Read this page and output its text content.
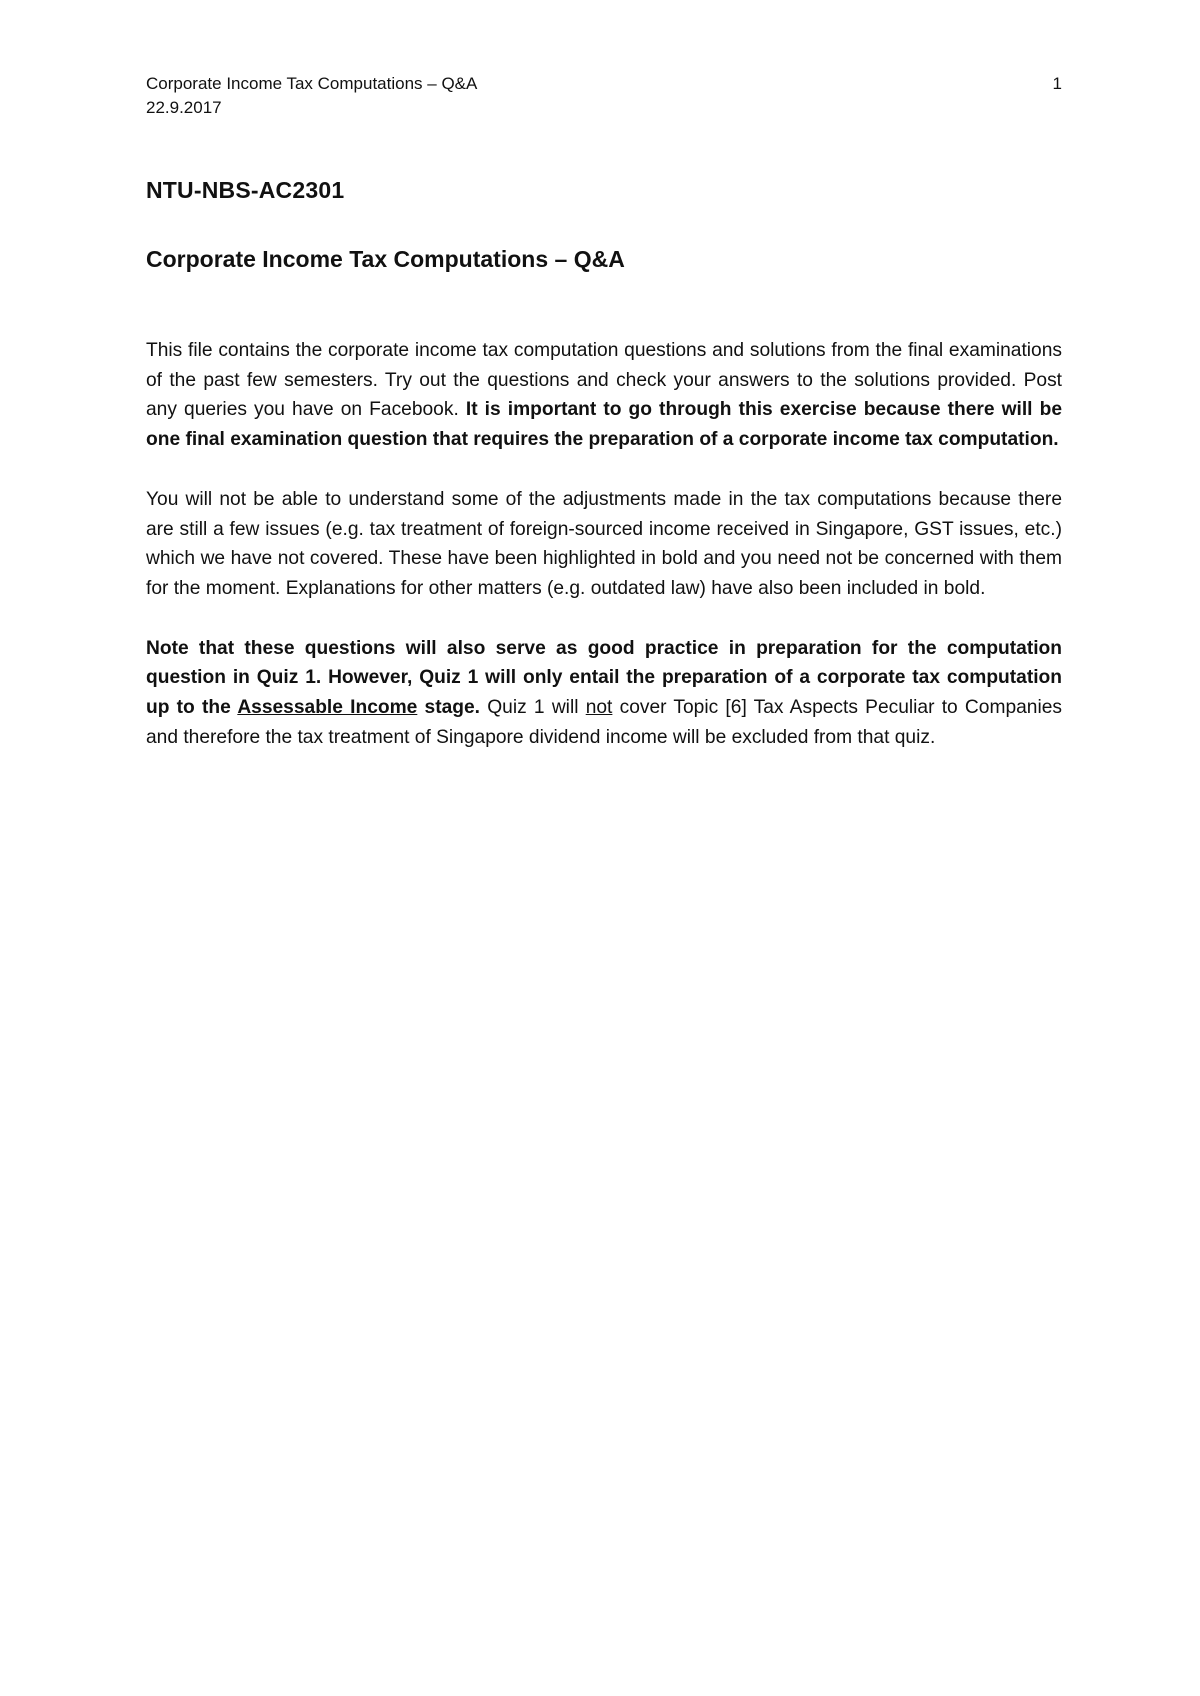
Corporate Income Tax Computations – Q&A	1
22.9.2017
NTU-NBS-AC2301
Corporate Income Tax Computations – Q&A

This file contains the corporate income tax computation questions and solutions from the final examinations of the past few semesters. Try out the questions and check your answers to the solutions provided. Post any queries you have on Facebook. It is important to go through this exercise because there will be one final examination question that requires the preparation of a corporate income tax computation.

You will not be able to understand some of the adjustments made in the tax computations because there are still a few issues (e.g. tax treatment of foreign-sourced income received in Singapore, GST issues, etc.) which we have not covered. These have been highlighted in bold and you need not be concerned with them for the moment. Explanations for other matters (e.g. outdated law) have also been included in bold.

Note that these questions will also serve as good practice in preparation for the computation question in Quiz 1. However, Quiz 1 will only entail the preparation of a corporate tax computation up to the Assessable Income stage. Quiz 1 will not cover Topic [6] Tax Aspects Peculiar to Companies and therefore the tax treatment of Singapore dividend income will be excluded from that quiz.
